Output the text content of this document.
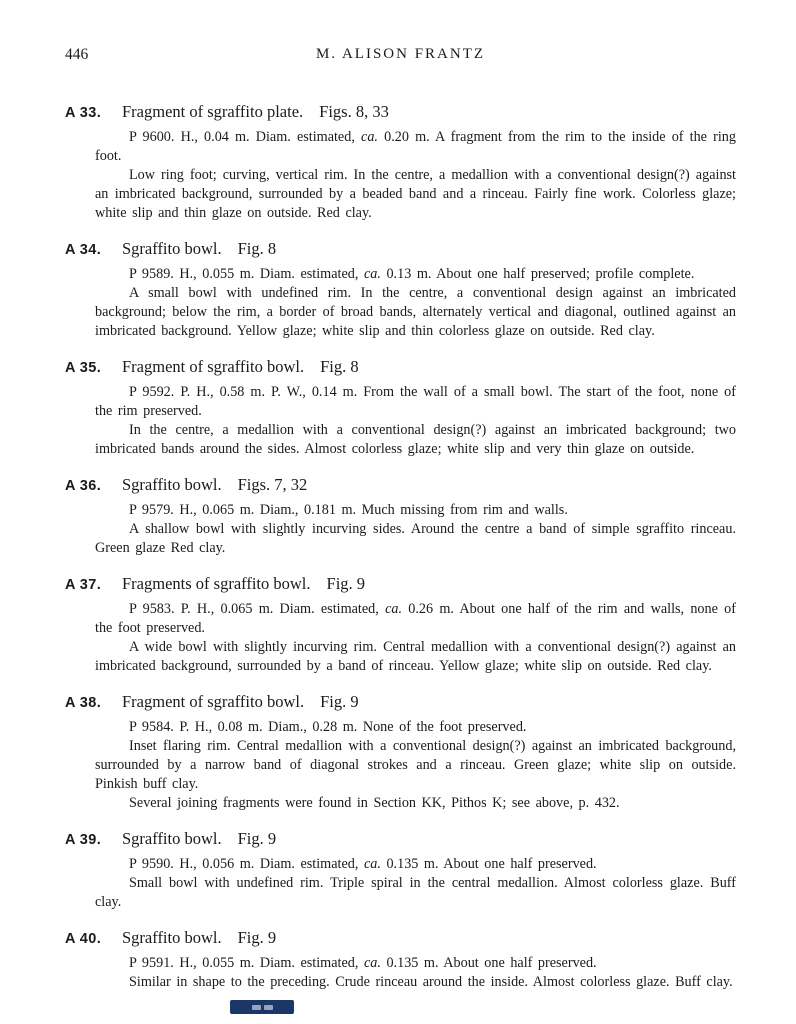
446	M. ALISON FRANTZ
A 33.	Fragment of sgraffito plate. Figs. 8, 33

P 9600. H., 0.04 m. Diam. estimated, ca. 0.20 m. A fragment from the rim to the inside of the ring foot.

Low ring foot; curving, vertical rim. In the centre, a medallion with a conventional design(?) against an imbricated background, surrounded by a beaded band and a rinceau. Fairly fine work. Colorless glaze; white slip and thin glaze on outside. Red clay.

A 34.	Sgraffito bowl. Fig. 8

P 9589. H., 0.055 m. Diam. estimated, ca. 0.13 m. About one half preserved; profile complete.

A small bowl with undefined rim. In the centre, a conventional design against an imbricated background; below the rim, a border of broad bands, alternately vertical and diagonal, outlined against an imbricated background. Yellow glaze; white slip and thin colorless glaze on outside. Red clay.

A 35.	Fragment of sgraffito bowl. Fig. 8

P 9592. P. H., 0.58 m. P. W., 0.14 m. From the wall of a small bowl. The start of the foot, none of the rim preserved.

In the centre, a medallion with a conventional design(?) against an imbricated background; two imbricated bands around the sides. Almost colorless glaze; white slip and very thin glaze on outside.

A 36.	Sgraffito bowl. Figs. 7, 32

P 9579. H., 0.065 m. Diam., 0.181 m. Much missing from rim and walls.

A shallow bowl with slightly incurving sides. Around the centre a band of simple sgraffito rinceau. Green glaze Red clay.

A 37.	Fragments of sgraffito bowl. Fig. 9

P 9583. P. H., 0.065 m. Diam. estimated, ca. 0.26 m. About one half of the rim and walls, none of the foot preserved.

A wide bowl with slightly incurving rim. Central medallion with a conventional design(?) against an imbricated background, surrounded by a band of rinceau. Yellow glaze; white slip on outside. Red clay.

A 38.	Fragment of sgraffito bowl. Fig. 9

P 9584. P. H., 0.08 m. Diam., 0.28 m. None of the foot preserved.

Inset flaring rim. Central medallion with a conventional design(?) against an imbricated background, surrounded by a narrow band of diagonal strokes and a rinceau. Green glaze; white slip on outside. Pinkish buff clay.

Several joining fragments were found in Section KK, Pithos K; see above, p. 432.

A 39.	Sgraffito bowl. Fig. 9

P 9590. H., 0.056 m. Diam. estimated, ca. 0.135 m. About one half preserved.

Small bowl with undefined rim. Triple spiral in the central medallion. Almost colorless glaze. Buff clay.

A 40.	Sgraffito bowl. Fig. 9

P 9591. H., 0.055 m. Diam. estimated, ca. 0.135 m. About one half preserved.

Similar in shape to the preceding. Crude rinceau around the inside. Almost colorless glaze. Buff clay.
